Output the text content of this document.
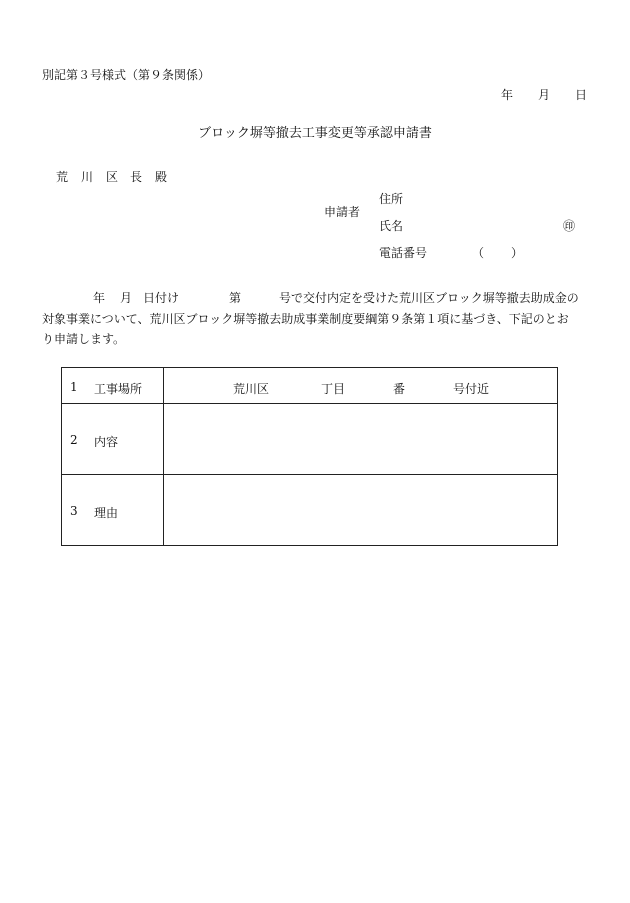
別記第３号様式（第９条関係）
年 月 日
ブロック塀等撤去工事変更等承認申請書
荒 川 区 長 殿
申請者
住所
氏名	㊞
電話番号	（ ）
年 月 日付け	第	号で交付内定を受けた荒川区ブロック塀等撤去助成金の
対象事業について、荒川区ブロック塀等撤去助成事業制度要綱第９条第１項に基づき、下記のとお
り申請します。
1 工事場所	荒川区 丁目 番 号付近

2 内容	

3 理由	
